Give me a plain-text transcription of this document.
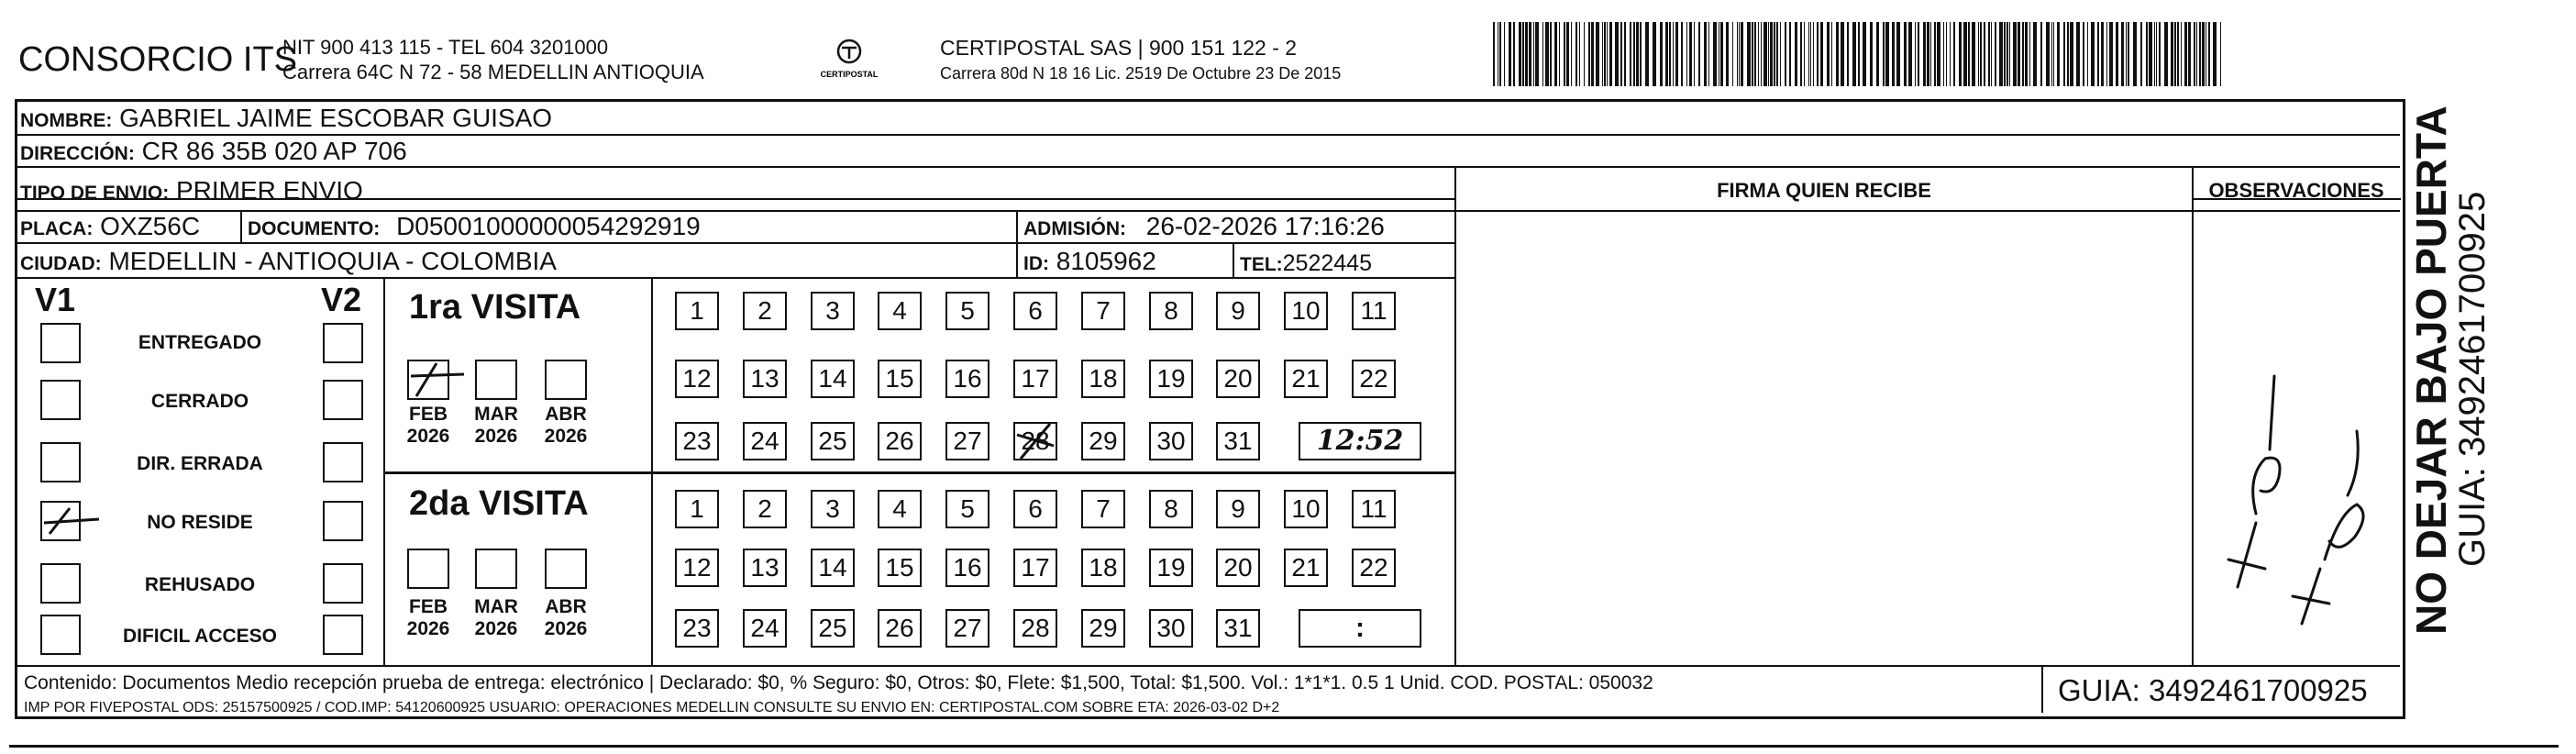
CONSORCIO ITS
NIT 900 413 115 - TEL 604 3201000
Carrera 64C N 72 - 58 MEDELLIN ANTIOQUIA	CERTIPOSTAL
CERTIPOSTAL SAS | 900 151 122 - 2
Carrera 80d N 18 16 Lic. 2519 De Octubre 23 De 2015
NOMBRE: GABRIEL JAIME ESCOBAR GUISAO
DIRECCIÓN: CR 86 35B 020 AP 706
TIPO DE ENVIO: PRIMER ENVIO
PLACA: OXZ56C DOCUMENTO: D05001000000054292919	ADMISIÓN: 26-02-2026 17:16:26
CIUDAD: MEDELLIN - ANTIOQUIA - COLOMBIA	ID: 8105962	TEL:2522445
FIRMA QUIEN RECIBE	OBSERVACIONES
V1	V2
ENTREGADO
CERRADO
DIR. ERRADA
NO RESIDE
REHUSADO
DIFICIL ACCESO
1ra VISITA
FEB
2026
MAR
2026
ABR
2026
1	2	3	4	5	6	7	8	9	10	11
12	13	14	15	16	17	18	19	20	21	22
23	24	25	26	27	28	29	30	31	12:52
2da VISITA
FEB
2026
MAR
2026
ABR
2026
1	2	3	4	5	6	7	8	9	10	11
12	13	14	15	16	17	18	19	20	21	22
23	24	25	26	27	28	29	30	31	:
Contenido: Documentos Medio recepción prueba de entrega: electrónico | Declarado: $0, % Seguro: $0, Otros: $0, Flete: $1,500, Total: $1,500. Vol.: 1*1*1. 0.5 1 Unid. COD. POSTAL: 050032
IMP POR FIVEPOSTAL ODS: 25157500925 / COD.IMP: 54120600925 USUARIO: OPERACIONES MEDELLIN CONSULTE SU ENVIO EN: CERTIPOSTAL.COM SOBRE ETA: 2026-03-02 D+2
GUIA: 3492461700925
NO DEJAR BAJO PUERTA
GUIA: 3492461700925
